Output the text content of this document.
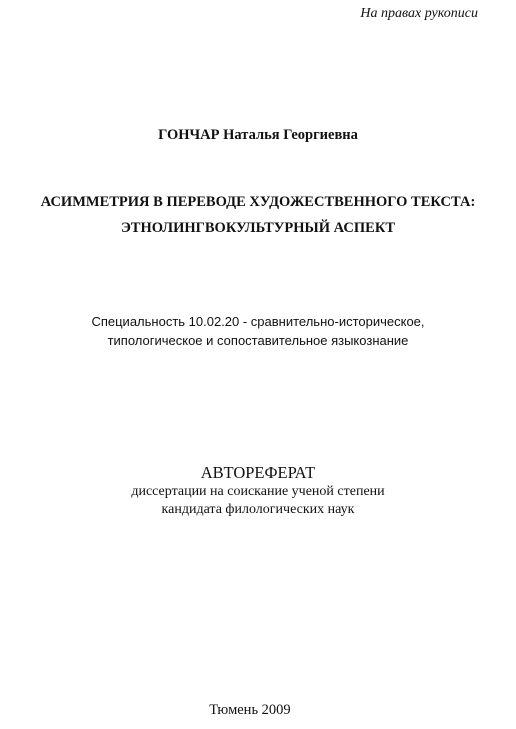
На правах рукописи
ГОНЧАР Наталья Георгиевна
АСИММЕТРИЯ В ПЕРЕВОДЕ ХУДОЖЕСТВЕННОГО ТЕКСТА:
ЭТНОЛИНГВОКУЛЬТУРНЫЙ АСПЕКТ
Специальность 10.02.20 - сравнительно-историческое,
типологическое и сопоставительное языкознание
АВТОРЕФЕРАТ
диссертации на соискание ученой степени
кандидата филологических наук
Тюмень 2009
